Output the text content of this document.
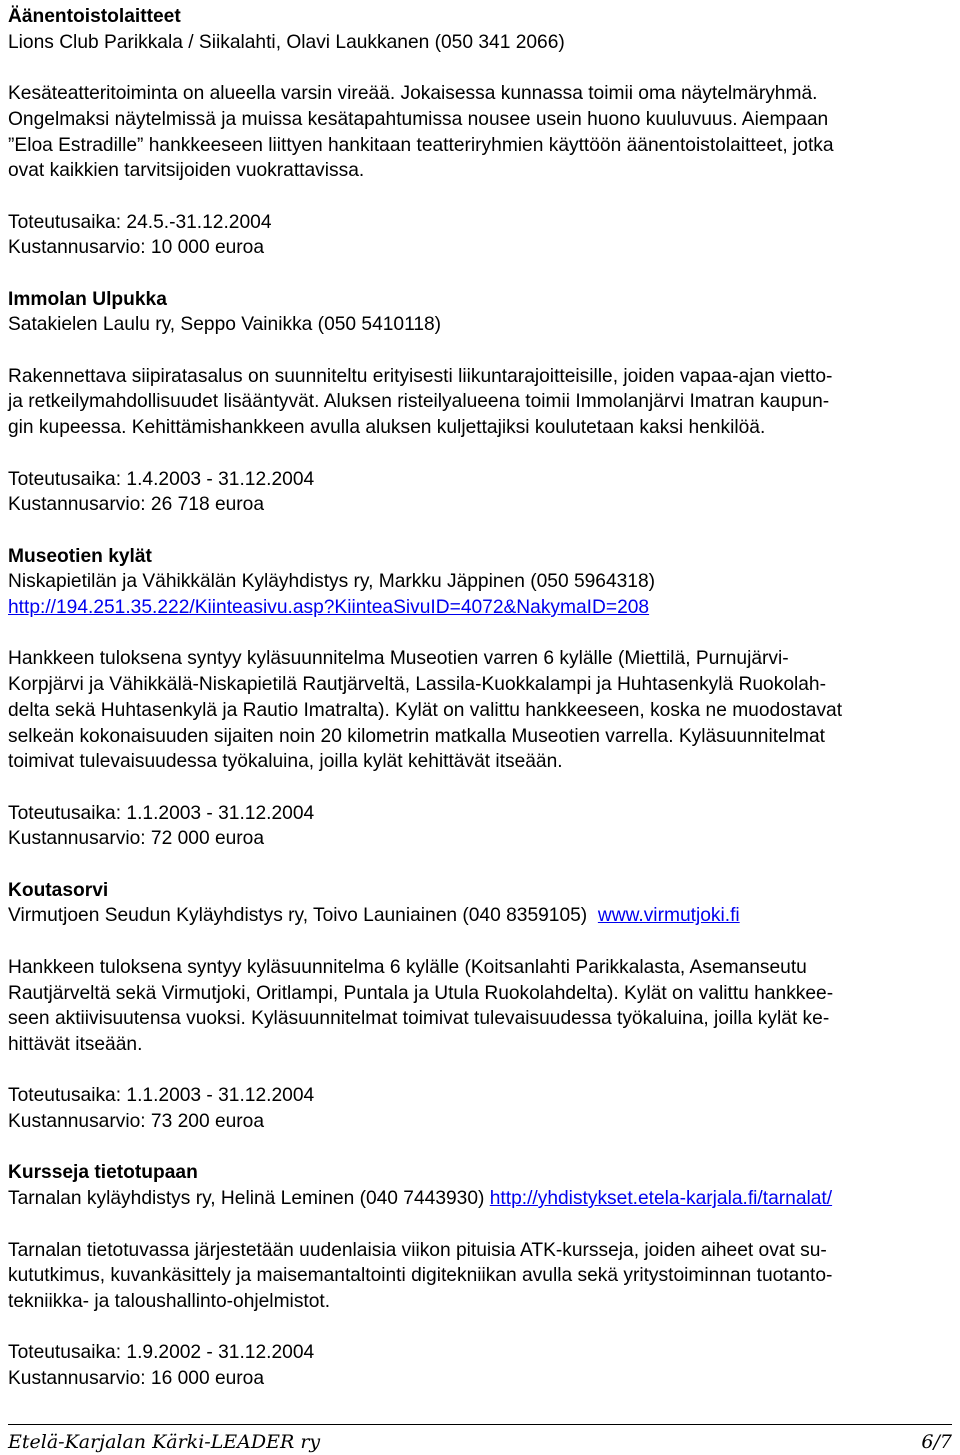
Äänentoistolaitteet

Lions Club Parikkala / Siikalahti, Olavi Laukkanen (050 341 2066)

Kesäteatteritoiminta on alueella varsin vireää. Jokaisessa kunnassa toimii oma näytelmäryhmä.

Ongelmaksi näytelmissä ja muissa kesätapahtumissa nousee usein huono kuuluvuus. Aiempaan

”Eloa Estradille” hankkeeseen liittyen hankitaan teatteriryhmien käyttöön äänentoistolaitteet, jotka

ovat kaikkien tarvitsijoiden vuokrattavissa.

Toteutusaika: 24.5.-31.12.2004

Kustannusarvio: 10 000 euroa

Immolan Ulpukka

Satakielen Laulu ry, Seppo Vainikka (050 5410118)

Rakennettava siipiratasalus on suunniteltu erityisesti liikuntarajoitteisille, joiden vapaa-ajan vietto-

ja retkeilymahdollisuudet lisääntyvät. Aluksen risteilyalueena toimii Immolanjärvi Imatran kaupun-

gin kupeessa. Kehittämishankkeen avulla aluksen kuljettajiksi koulutetaan kaksi henkilöä.

Toteutusaika: 1.4.2003 - 31.12.2004

Kustannusarvio: 26 718 euroa

Museotien kylät

Niskapietilän ja Vähikkälän Kyläyhdistys ry, Markku Jäppinen (050 5964318)

http://194.251.35.222/Kiinteasivu.asp?KiinteaSivuID=4072&NakymaID=208

Hankkeen tuloksena syntyy kyläsuunnitelma Museotien varren 6 kylälle (Miettilä, Purnujärvi-

Korpjärvi ja Vähikkälä-Niskapietilä Rautjärveltä, Lassila-Kuokkalampi ja Huhtasenkylä Ruokolah-

delta sekä Huhtasenkylä ja Rautio Imatralta). Kylät on valittu hankkeeseen, koska ne muodostavat

selkeän kokonaisuuden sijaiten noin 20 kilometrin matkalla Museotien varrella. Kyläsuunnitelmat

toimivat tulevaisuudessa työkaluina, joilla kylät kehittävät itseään.

Toteutusaika: 1.1.2003 - 31.12.2004

Kustannusarvio: 72 000 euroa

Koutasorvi

Virmutjoen Seudun Kyläyhdistys ry, Toivo Launiainen (040 8359105) www.virmutjoki.fi

Hankkeen tuloksena syntyy kyläsuunnitelma 6 kylälle (Koitsanlahti Parikkalasta, Asemanseutu

Rautjärveltä sekä Virmutjoki, Oritlampi, Puntala ja Utula Ruokolahdelta). Kylät on valittu hankkee-

seen aktiivisuutensa vuoksi. Kyläsuunnitelmat toimivat tulevaisuudessa työkaluina, joilla kylät ke-

hittävät itseään.

Toteutusaika: 1.1.2003 - 31.12.2004

Kustannusarvio: 73 200 euroa

Kursseja tietotupaan

Tarnalan kyläyhdistys ry, Helinä Leminen (040 7443930) http://yhdistykset.etela-karjala.fi/tarnalat/

Tarnalan tietotuvassa järjestetään uudenlaisia viikon pituisia ATK-kursseja, joiden aiheet ovat su-

kututkimus, kuvankäsittely ja maisemantaltointi digitekniikan avulla sekä yritystoiminnan tuotanto-

tekniikka- ja taloushallinto-ohjelmistot.

Toteutusaika: 1.9.2002 - 31.12.2004

Kustannusarvio: 16 000 euroa

Etelä-Karjalan Kärki-LEADER ry	6/7
